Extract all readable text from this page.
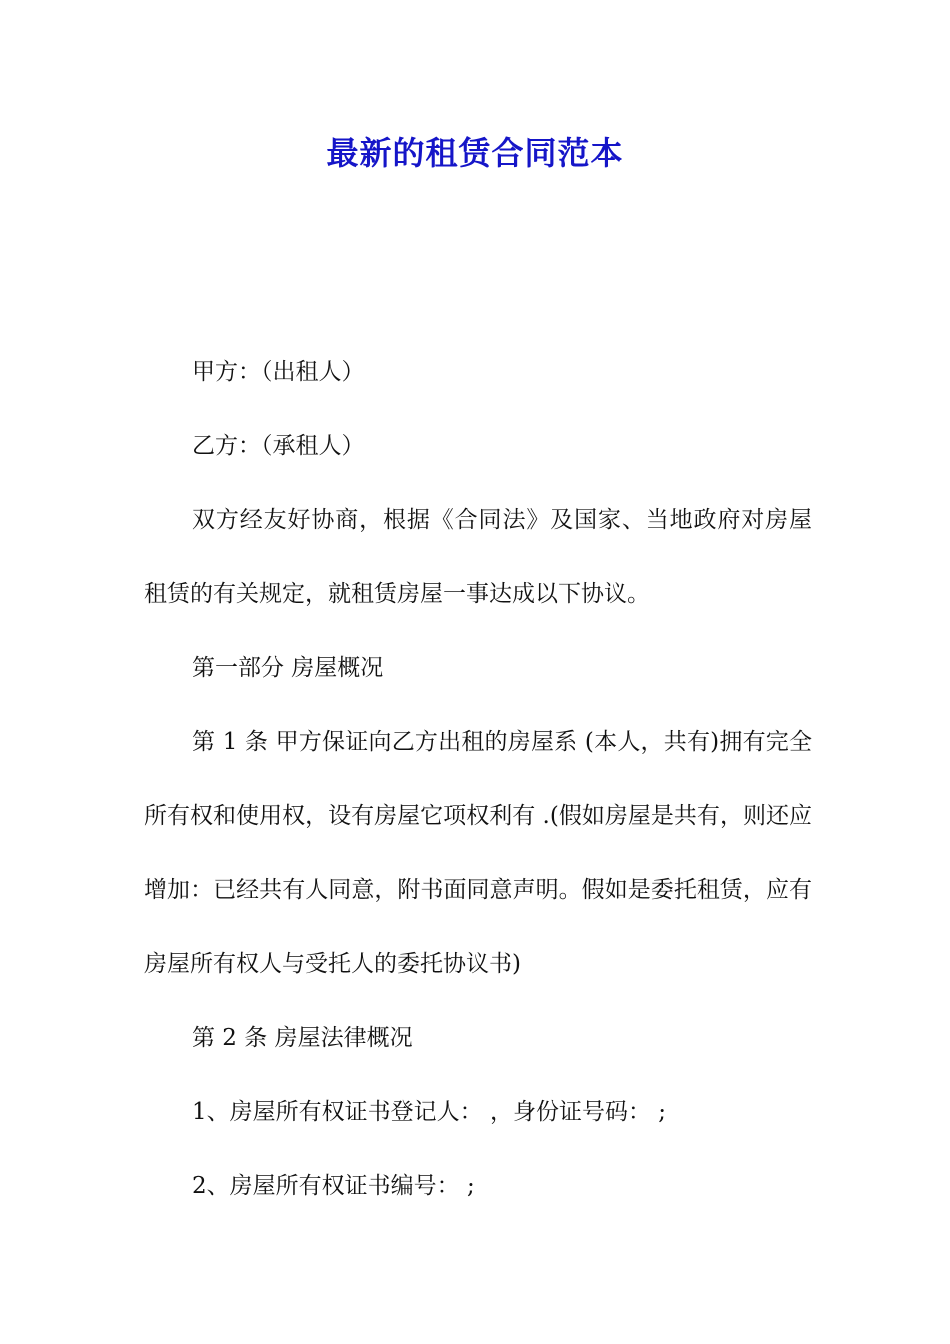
最新的租赁合同范本

甲方：（出租人）

乙方：（承租人）

双方经友好协商，根据《合同法》及国家、当地政府对房屋租赁的有关规定，就租赁房屋一事达成以下协议。

第一部分 房屋概况

第 1 条 甲方保证向乙方出租的房屋系 (本人，共有)拥有完全所有权和使用权，设有房屋它项权利有 .(假如房屋是共有，则还应增加：已经共有人同意，附书面同意声明。假如是委托租赁，应有房屋所有权人与受托人的委托协议书)

第 2 条 房屋法律概况

1、房屋所有权证书登记人： ，身份证号码： ;

2、房屋所有权证书编号： ;
